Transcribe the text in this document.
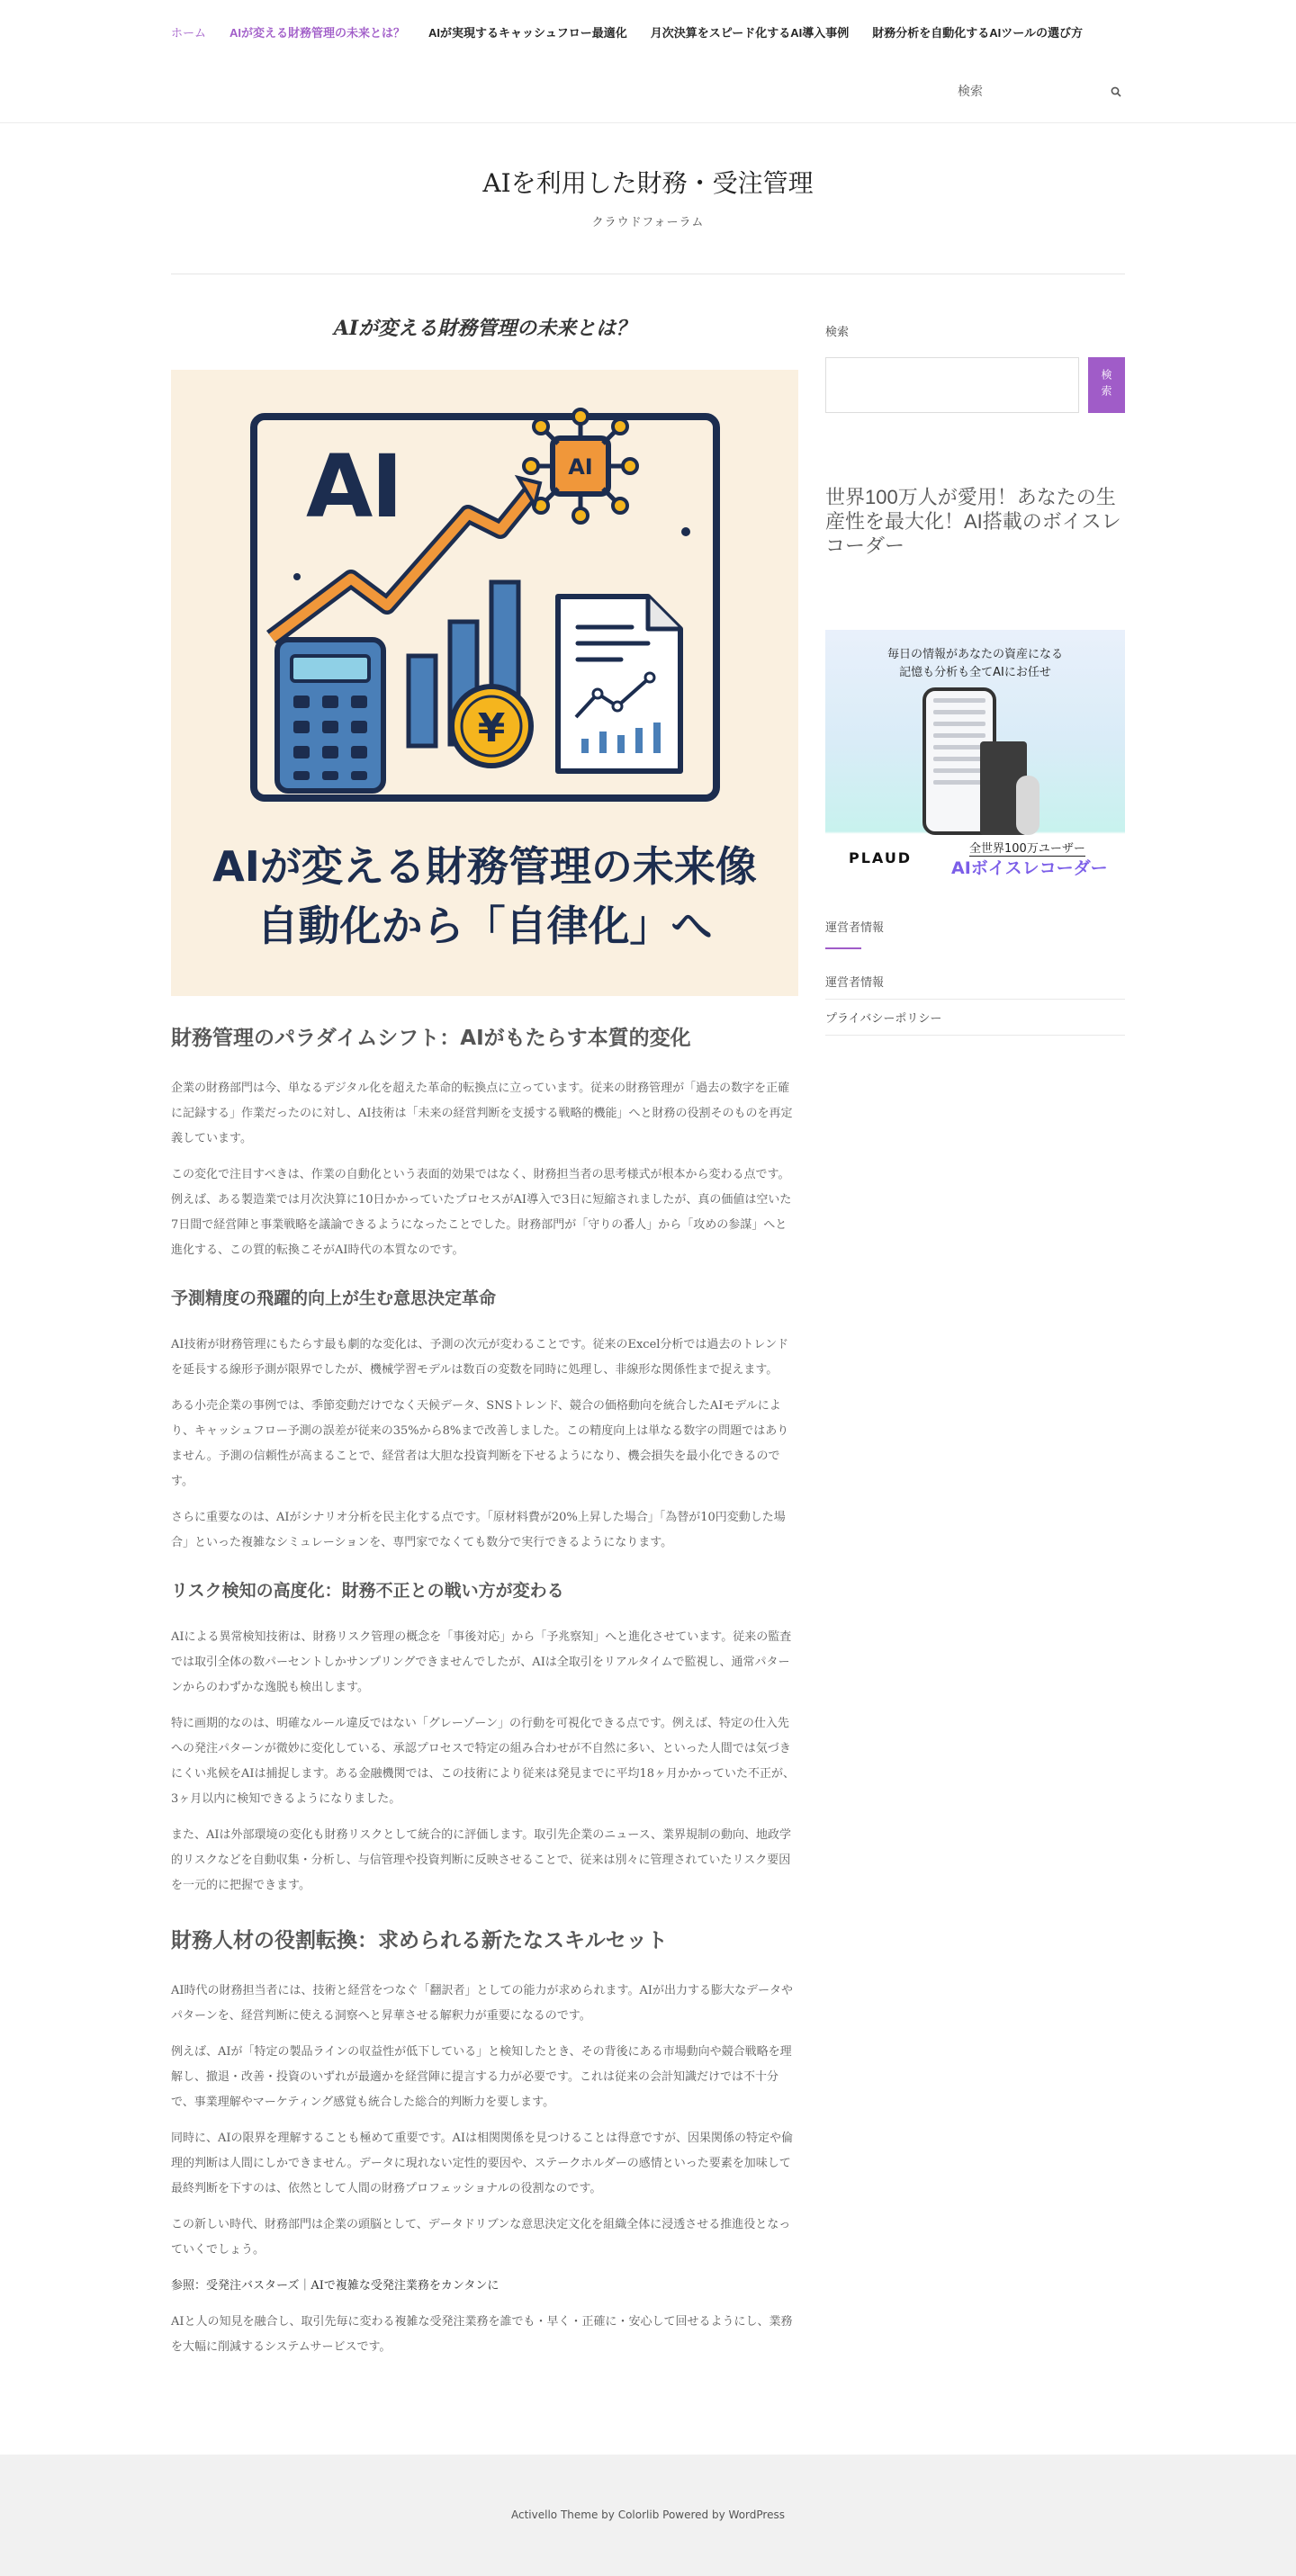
ホーム AIが変える財務管理の未来とは？ AIが実現するキャッシュフロー最適化 月次決算をスピード化するAI導入事例 財務分析を自動化するAIツールの選び方
検索
AIを利用した財務・受注管理
クラウドフォーラム
AIが変える財務管理の未来とは？
AI	AI
¥
AIが変える財務管理の未来像
自動化から「自律化」へ
財務管理のパラダイムシフト：AIがもたらす本質的変化

企業の財務部門は今、単なるデジタル化を超えた革命的転換点に立っています。従来の財務管理が「過去の数字を正確に記録する」作業だったのに対し、AI技術は「未来の経営判断を支援する戦略的機能」へと財務の役割そのものを再定義しています。

この変化で注目すべきは、作業の自動化という表面的効果ではなく、財務担当者の思考様式が根本から変わる点です。例えば、ある製造業では月次決算に10日かかっていたプロセスがAI導入で3日に短縮されましたが、真の価値は空いた7日間で経営陣と事業戦略を議論できるようになったことでした。財務部門が「守りの番人」から「攻めの参謀」へと進化する、この質的転換こそがAI時代の本質なのです。

予測精度の飛躍的向上が生む意思決定革命

AI技術が財務管理にもたらす最も劇的な変化は、予測の次元が変わることです。従来のExcel分析では過去のトレンドを延長する線形予測が限界でしたが、機械学習モデルは数百の変数を同時に処理し、非線形な関係性まで捉えます。

ある小売企業の事例では、季節変動だけでなく天候データ、SNSトレンド、競合の価格動向を統合したAIモデルにより、キャッシュフロー予測の誤差が従来の35%から8%まで改善しました。この精度向上は単なる数字の問題ではありません。予測の信頼性が高まることで、経営者は大胆な投資判断を下せるようになり、機会損失を最小化できるのです。

さらに重要なのは、AIがシナリオ分析を民主化する点です。「原材料費が20%上昇した場合」「為替が10円変動した場合」といった複雑なシミュレーションを、専門家でなくても数分で実行できるようになります。

リスク検知の高度化：財務不正との戦い方が変わる

AIによる異常検知技術は、財務リスク管理の概念を「事後対応」から「予兆察知」へと進化させています。従来の監査では取引全体の数パーセントしかサンプリングできませんでしたが、AIは全取引をリアルタイムで監視し、通常パターンからのわずかな逸脱も検出します。

特に画期的なのは、明確なルール違反ではない「グレーゾーン」の行動を可視化できる点です。例えば、特定の仕入先への発注パターンが微妙に変化している、承認プロセスで特定の組み合わせが不自然に多い、といった人間では気づきにくい兆候をAIは捕捉します。ある金融機関では、この技術により従来は発見までに平均18ヶ月かかっていた不正が、3ヶ月以内に検知できるようになりました。

また、AIは外部環境の変化も財務リスクとして統合的に評価します。取引先企業のニュース、業界規制の動向、地政学的リスクなどを自動収集・分析し、与信管理や投資判断に反映させることで、従来は別々に管理されていたリスク要因を一元的に把握できます。

財務人材の役割転換：求められる新たなスキルセット

AI時代の財務担当者には、技術と経営をつなぐ「翻訳者」としての能力が求められます。AIが出力する膨大なデータやパターンを、経営判断に使える洞察へと昇華させる解釈力が重要になるのです。

例えば、AIが「特定の製品ラインの収益性が低下している」と検知したとき、その背後にある市場動向や競合戦略を理解し、撤退・改善・投資のいずれが最適かを経営陣に提言する力が必要です。これは従来の会計知識だけでは不十分で、事業理解やマーケティング感覚も統合した総合的判断力を要します。

同時に、AIの限界を理解することも極めて重要です。AIは相関関係を見つけることは得意ですが、因果関係の特定や倫理的判断は人間にしかできません。データに現れない定性的要因や、ステークホルダーの感情といった要素を加味して最終判断を下すのは、依然として人間の財務プロフェッショナルの役割なのです。

この新しい時代、財務部門は企業の頭脳として、データドリブンな意思決定文化を組織全体に浸透させる推進役となっていくでしょう。

参照：受発注バスターズ｜AIで複雑な受発注業務をカンタンに

AIと人の知見を融合し、取引先毎に変わる複雑な受発注業務を誰でも・早く・正確に・安心して回せるようにし、業務を大幅に削減するシステムサービスです。

検索
検索
世界100万人が愛用！あなたの生産性を最大化！AI搭載のボイスレコーダー
毎日の情報があなたの資産になる
記憶も分析も全てAIにお任せ
PLAUD
全世界100万ユーザー
AIボイスレコーダー
運営者情報
運営者情報
プライバシーポリシー
Activello Theme by Colorlib Powered by WordPress
